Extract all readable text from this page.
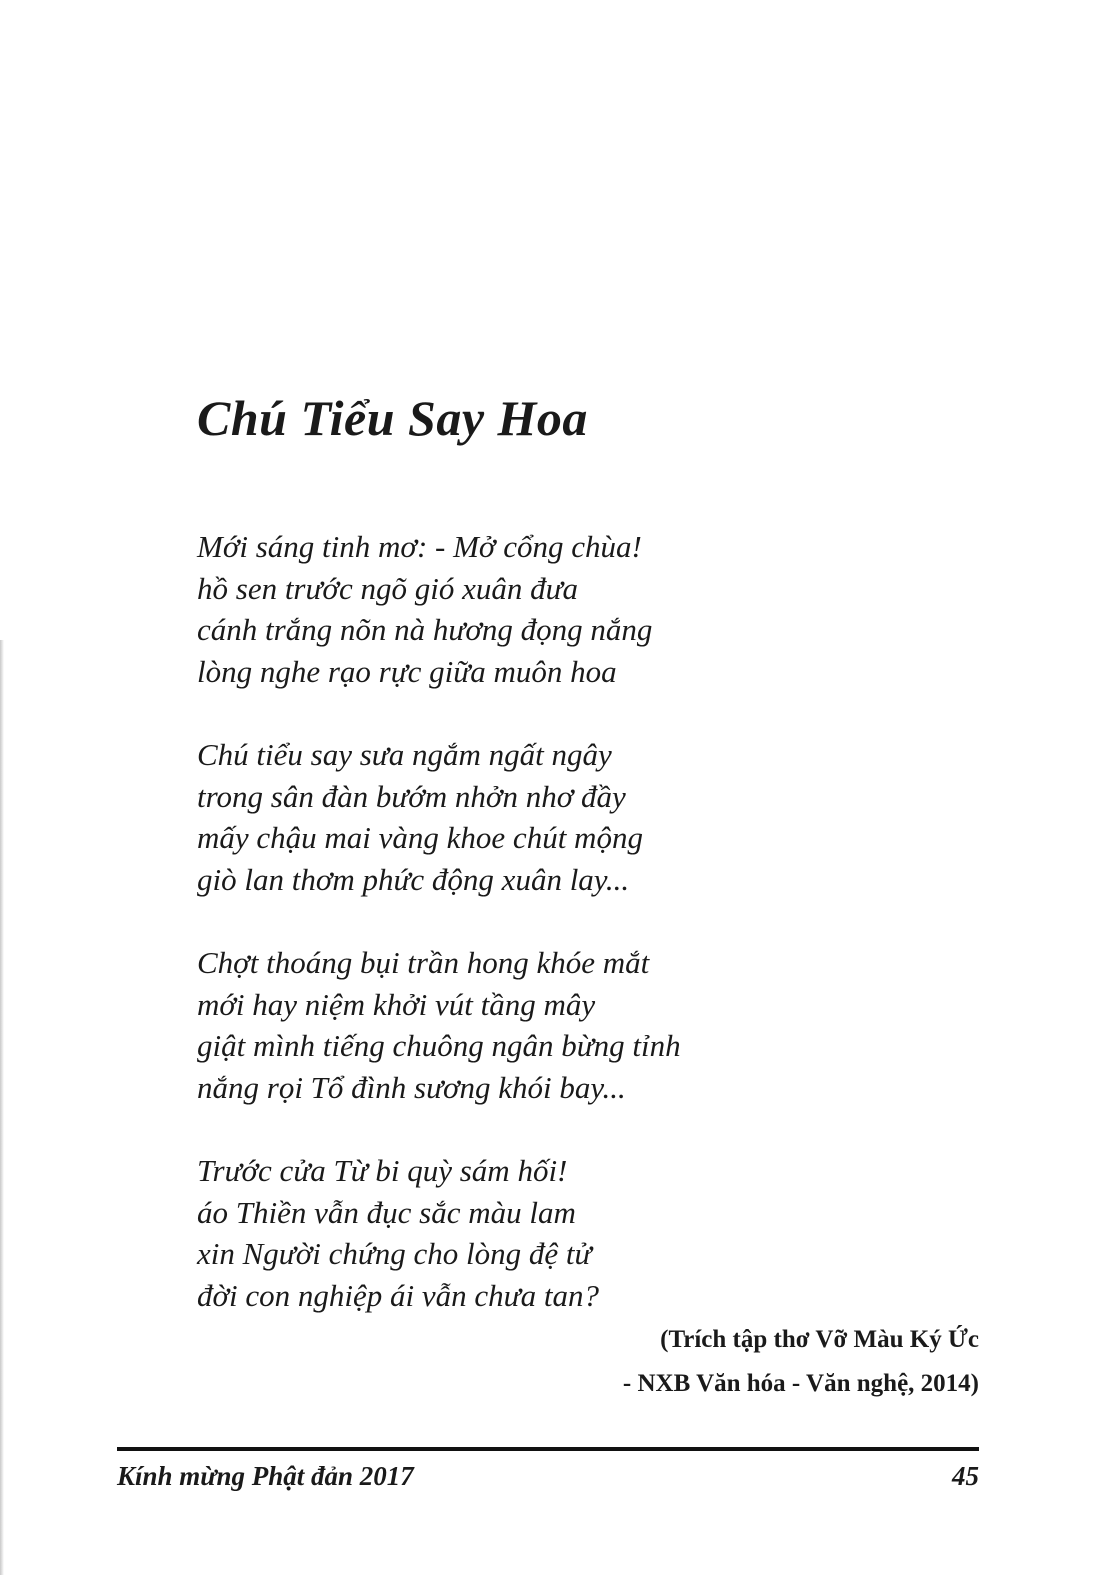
Chú Tiểu Say Hoa

Mới sáng tinh mơ: - Mở cổng chùa!
hồ sen trước ngõ gió xuân đưa
cánh trắng nõn nà hương đọng nắng
lòng nghe rạo rực giữa muôn hoa

Chú tiểu say sưa ngắm ngất ngây
trong sân đàn bướm nhởn nhơ đầy
mấy chậu mai vàng khoe chút mộng
giò lan thơm phức động xuân lay...

Chợt thoáng bụi trần hong khóe mắt
mới hay niệm khởi vút tầng mây
giật mình tiếng chuông ngân bừng tỉnh
nắng rọi Tổ đình sương khói bay...

Trước cửa Từ bi quỳ sám hối!
áo Thiền vẫn đục sắc màu lam
xin Người chứng cho lòng đệ tử
đời con nghiệp ái vẫn chưa tan?

(Trích tập thơ Vỡ Màu Ký Ức
- NXB Văn hóa - Văn nghệ, 2014)
Kính mừng Phật đản 2017	45
